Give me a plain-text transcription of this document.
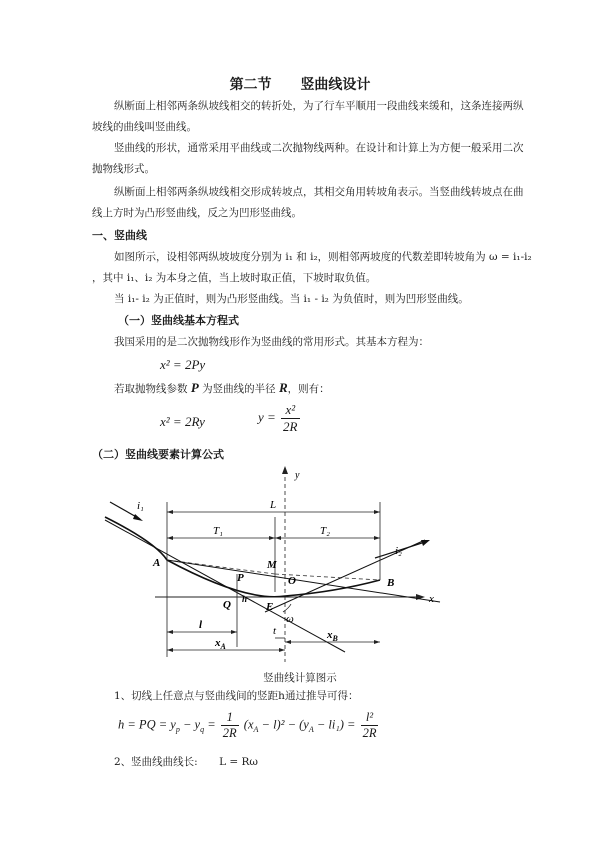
第二节 竖曲线设计
纵断面上相邻两条纵坡线相交的转折处，为了行车平顺用一段曲线来缓和，这条连接两纵坡线的曲线叫竖曲线。
竖曲线的形状，通常采用平曲线或二次抛物线两种。在设计和计算上为方便一般采用二次抛物线形式。
纵断面上相邻两条纵坡线相交形成转坡点，其相交角用转坡角表示。当竖曲线转坡点在曲线上方时为凸形竖曲线，反之为凹形竖曲线。
一、竖曲线
如图所示，设相邻两纵坡坡度分别为 i₁ 和 i₂，则相邻两坡度的代数差即转坡角为 ω = i₁-i₂ ，其中 i₁、i₂ 为本身之值，当上坡时取正值，下坡时取负值。
当 i₁- i₂ 为正值时，则为凸形竖曲线。当 i₁ - i₂ 为负值时，则为凹形竖曲线。
（一）竖曲线基本方程式
我国采用的是二次抛物线形作为竖曲线的常用形式。其基本方程为：
x² = 2Py
若取抛物线参数 P 为竖曲线的半径 R，则有：
x² = 2Ry	$y = \frac{\text{x²}}{2R}$
（二）竖曲线要素计算公式
i₁
i₂
L
T₁	T₂
A
B
M
O
P
Q h
E
ω
t
y
x
l
$x_A$
$x_B$
竖曲线计算图示
1、切线上任意点与竖曲线间的竖距h通过推导可得：
h = PQ = $y_p - y_q = \frac{1}{2R} (x_A - l)^2 - (y_A - li_1) = \frac{\text{l²}}{2R}$
2、竖曲线曲线长: L = Rω
